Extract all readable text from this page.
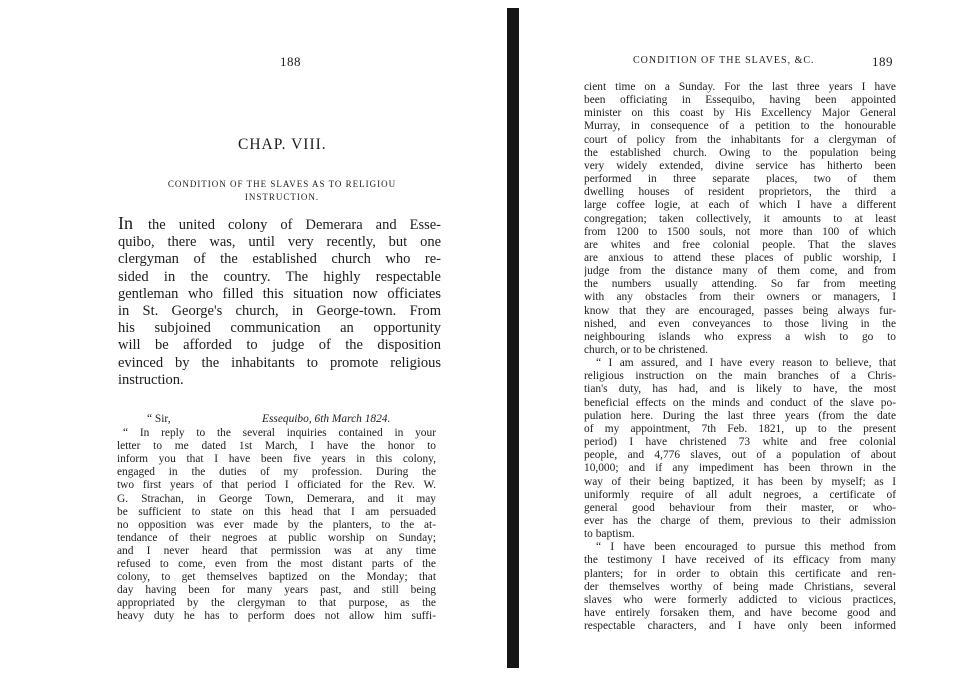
188
CHAP. VIII.
CONDITION OF THE SLAVES AS TO RELIGIOU
INSTRUCTION.
In the united colony of Demerara and Esse-
quibo, there was, until very recently, but one
clergyman of the established church who re-
sided in the country. The highly respectable
gentleman who filled this situation now officiates
in St. George's church, in George-town. From
his subjoined communication an opportunity
will be afforded to judge of the disposition
evinced by the inhabitants to promote religious
instruction.
“ Sir,	Essequibo, 6th March 1824.
“ In reply to the several inquiries contained in your
letter to me dated 1st March, I have the honor to
inform you that I have been five years in this colony,
engaged in the duties of my profession. During the
two first years of that period I officiated for the Rev. W.
G. Strachan, in George Town, Demerara, and it may
be sufficient to state on this head that I am persuaded
no opposition was ever made by the planters, to the at-
tendance of their negroes at public worship on Sunday;
and I never heard that permission was at any time
refused to come, even from the most distant parts of the
colony, to get themselves baptized on the Monday; that
day having been for many years past, and still being
appropriated by the clergyman to that purpose, as the
heavy duty he has to perform does not allow him suffi-
CONDITION OF THE SLAVES, &C.	189
cient time on a Sunday. For the last three years I have
been officiating in Essequibo, having been appointed
minister on this coast by His Excellency Major General
Murray, in consequence of a petition to the honourable
court of policy from the inhabitants for a clergyman of
the established church. Owing to the population being
very widely extended, divine service has hitherto been
performed in three separate places, two of them
dwelling houses of resident proprietors, the third a
large coffee logie, at each of which I have a different
congregation; taken collectively, it amounts to at least
from 1200 to 1500 souls, not more than 100 of which
are whites and free colonial people. That the slaves
are anxious to attend these places of public worship, I
judge from the distance many of them come, and from
the numbers usually attending. So far from meeting
with any obstacles from their owners or managers, I
know that they are encouraged, passes being always fur-
nished, and even conveyances to those living in the
neighbouring islands who express a wish to go to
church, or to be christened.
“ I am assured, and I have every reason to believe, that
religious instruction on the main branches of a Chris-
tian's duty, has had, and is likely to have, the most
beneficial effects on the minds and conduct of the slave po-
pulation here. During the last three years (from the date
of my appointment, 7th Feb. 1821, up to the present
period) I have christened 73 white and free colonial
people, and 4,776 slaves, out of a population of about
10,000; and if any impediment has been thrown in the
way of their being baptized, it has been by myself; as I
uniformly require of all adult negroes, a certificate of
general good behaviour from their master, or who-
ever has the charge of them, previous to their admission
to baptism.
“ I have been encouraged to pursue this method from
the testimony I have received of its efficacy from many
planters; for in order to obtain this certificate and ren-
der themselves worthy of being made Christians, several
slaves who were formerly addicted to vicious practices,
have entirely forsaken them, and have become good and
respectable characters, and I have only been informed
